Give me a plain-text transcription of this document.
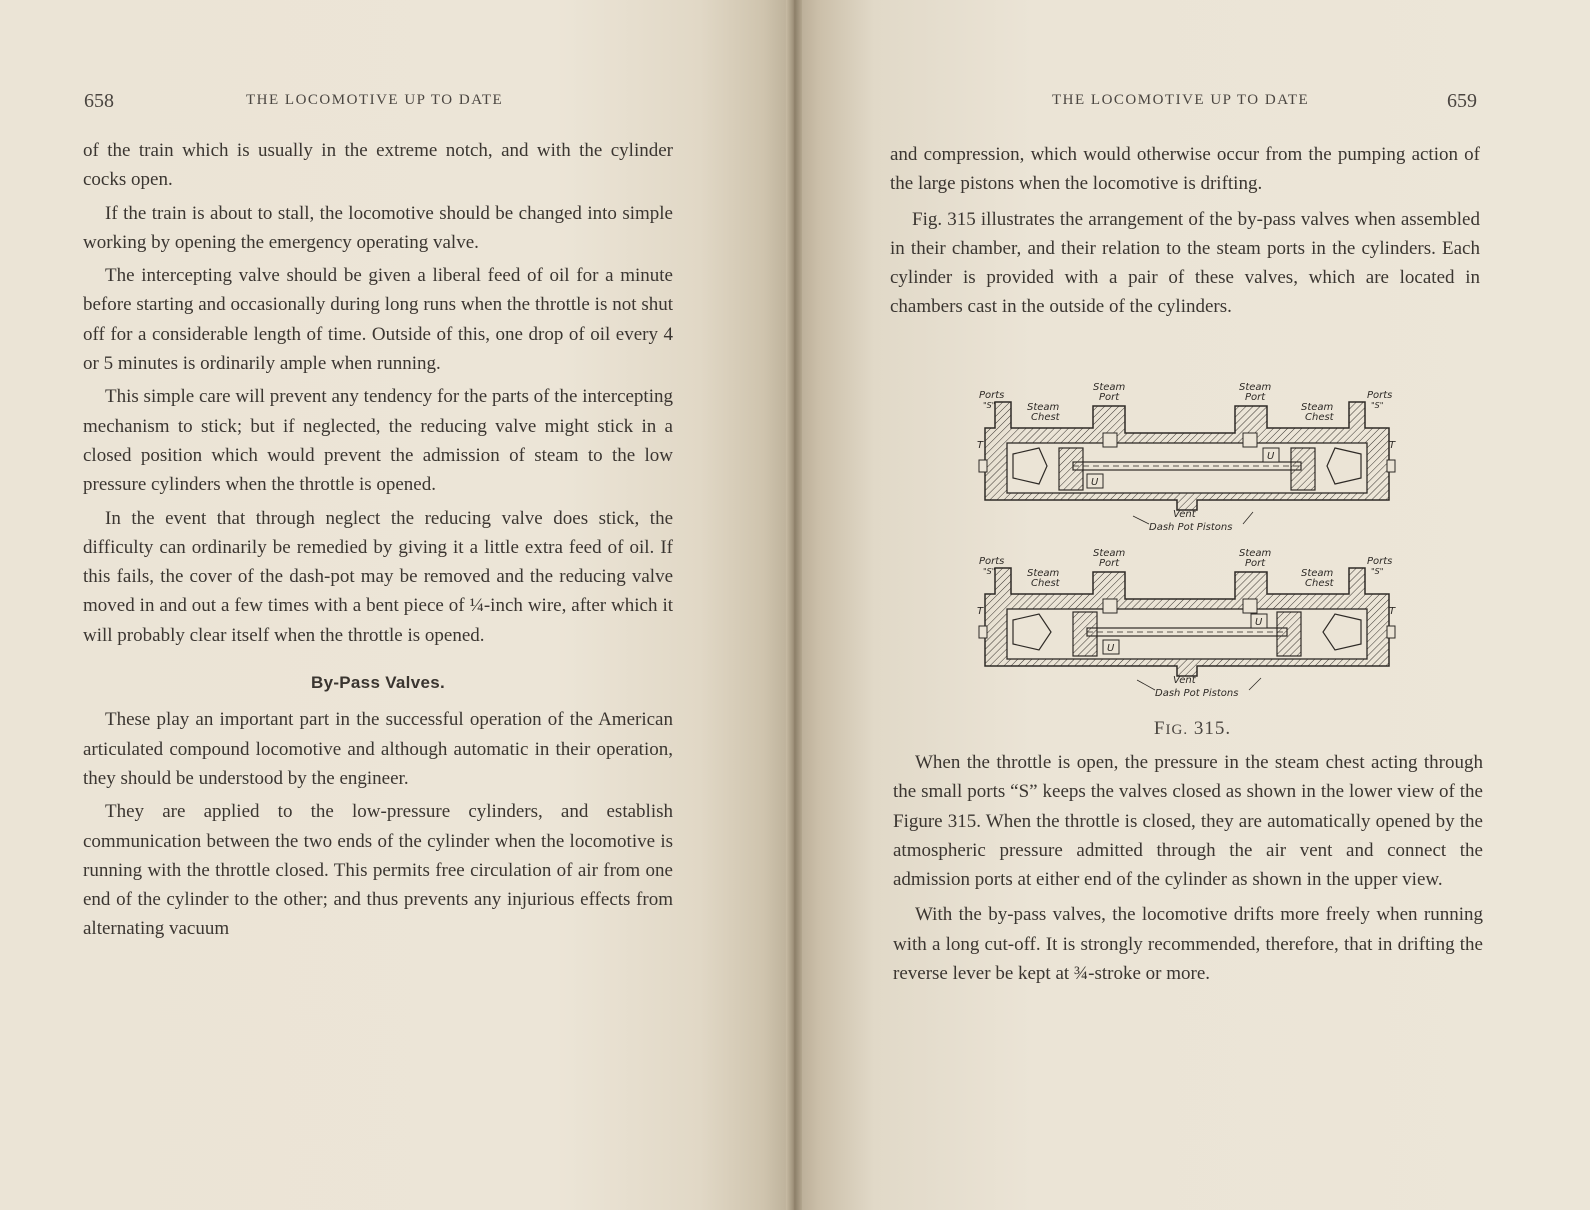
658	THE LOCOMOTIVE UP TO DATE

of the train which is usually in the extreme notch, and with the cylinder cocks open.

If the train is about to stall, the locomotive should be changed into simple working by opening the emergency operating valve.

The intercepting valve should be given a liberal feed of oil for a minute before starting and occasionally during long runs when the throttle is not shut off for a considerable length of time. Outside of this, one drop of oil every 4 or 5 minutes is ordinarily ample when running.

This simple care will prevent any tendency for the parts of the intercepting mechanism to stick; but if neglected, the reducing valve might stick in a closed position which would prevent the admission of steam to the low pressure cylinders when the throttle is opened.

In the event that through neglect the reducing valve does stick, the difficulty can ordinarily be remedied by giving it a little extra feed of oil. If this fails, the cover of the dash-pot may be removed and the reducing valve moved in and out a few times with a bent piece of ¼-inch wire, after which it will probably clear itself when the throttle is opened.

By-Pass Valves.

These play an important part in the successful operation of the American articulated compound locomotive and although automatic in their operation, they should be understood by the engineer.

They are applied to the low-pressure cylinders, and establish communication between the two ends of the cylinder when the locomotive is running with the throttle closed. This permits free circulation of air from one end of the cylinder to the other; and thus prevents any injurious effects from alternating vacuum

THE LOCOMOTIVE UP TO DATE	659

and compression, which would otherwise occur from the pumping action of the large pistons when the locomotive is drifting.

Fig. 315 illustrates the arrangement of the by-pass valves when assembled in their chamber, and their relation to the steam ports in the cylinders. Each cylinder is provided with a pair of these valves, which are located in chambers cast in the outside of the cylinders.

U
U
Ports
"S"	Steam
Chest
Steam
Port
Steam
Port
Steam
Chest
Ports
"S"
T	T
Vent
Dash Pot Pistons
U
U
Ports
"S"	Steam
Chest
Steam
Port
Steam
Port
Steam
Chest
Ports
"S"
T	T
Vent
Dash Pot Pistons
FIG. 315.

When the throttle is open, the pressure in the steam chest acting through the small ports “S” keeps the valves closed as shown in the lower view of the Figure 315. When the throttle is closed, they are automatically opened by the atmospheric pressure admitted through the air vent and connect the admission ports at either end of the cylinder as shown in the upper view.

With the by-pass valves, the locomotive drifts more freely when running with a long cut-off. It is strongly recommended, therefore, that in drifting the reverse lever be kept at ¾-stroke or more.
